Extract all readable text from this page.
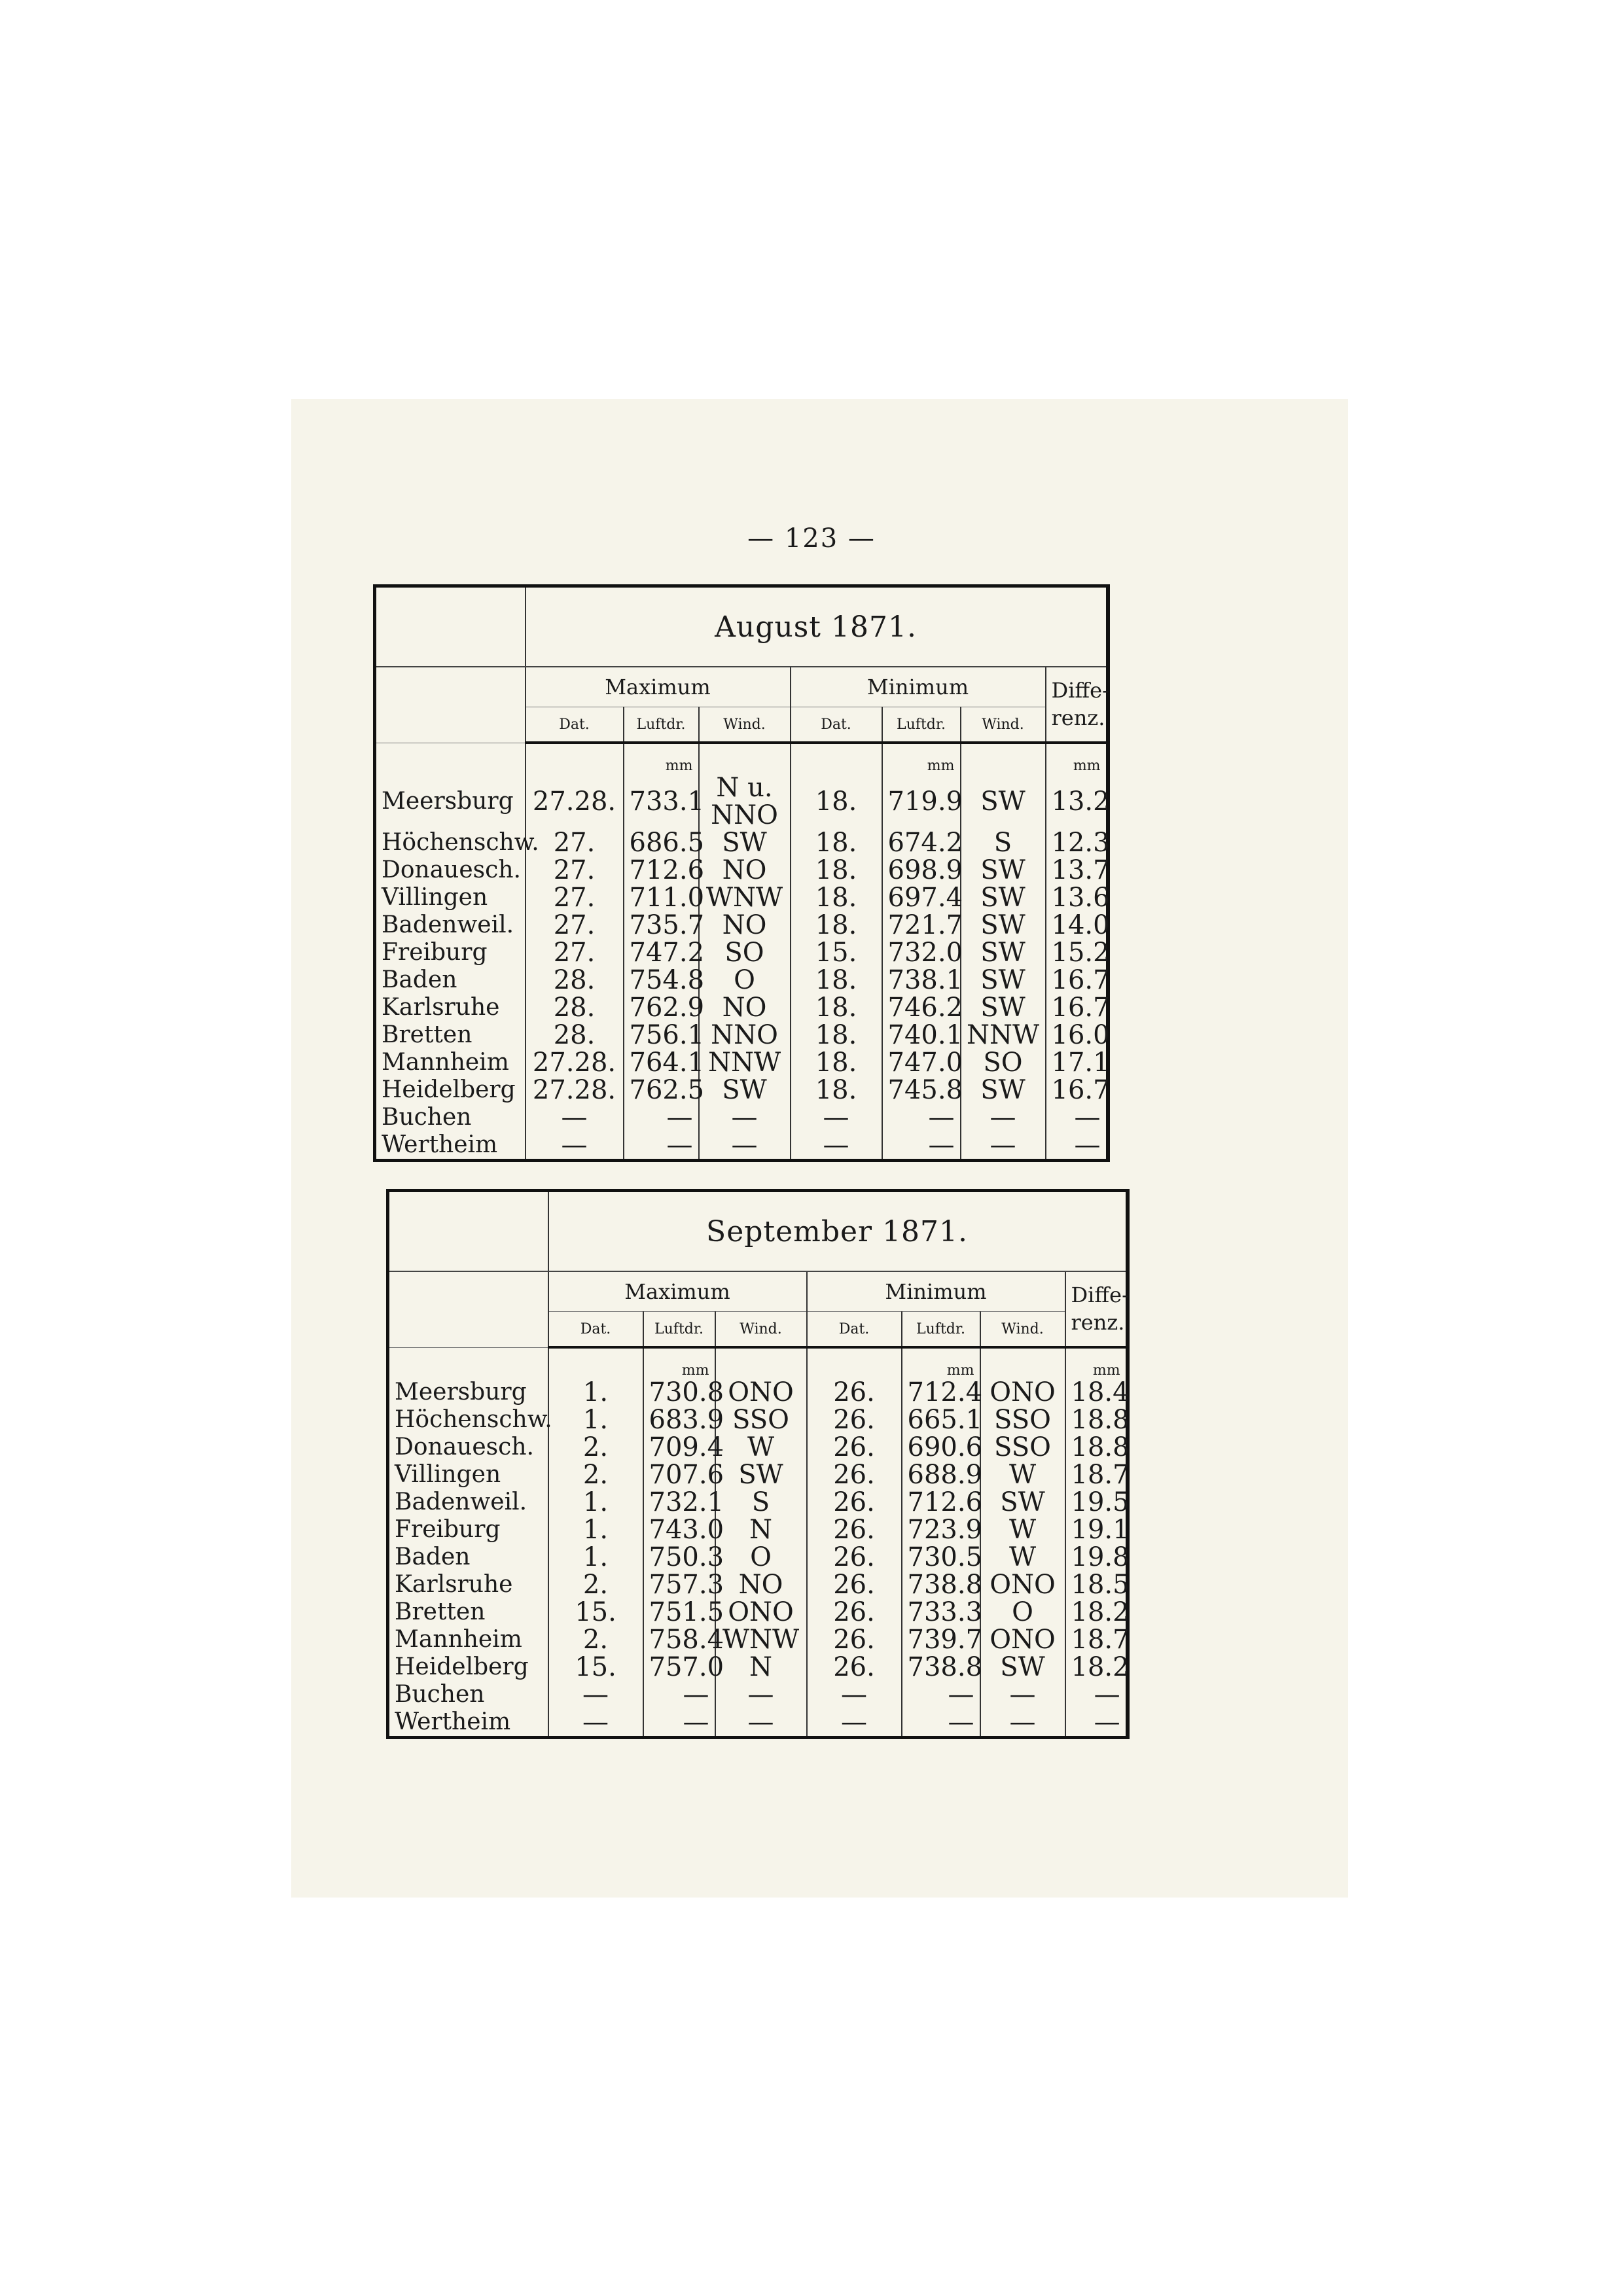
— 123 —
	August 1871.						
	Maximum			Minimum			Diffe-
renz.
	Dat.	Luftdr.	Wind.	Dat.	Luftdr.	Wind.	
		mm			mm		mm
Meersburg	27.28.	733.1	N u.
NNO	18.	719.9	SW	13.2
Höchenschw.	27.	686.5	SW	18.	674.2	S	12.3
Donauesch.	27.	712.6	NO	18.	698.9	SW	13.7
Villingen	27.	711.0	WNW	18.	697.4	SW	13.6
Badenweil.	27.	735.7	NO	18.	721.7	SW	14.0
Freiburg	27.	747.2	SO	15.	732.0	SW	15.2
Baden	28.	754.8	O	18.	738.1	SW	16.7
Karlsruhe	28.	762.9	NO	18.	746.2	SW	16.7
Bretten	28.	756.1	NNO	18.	740.1	NNW	16.0
Mannheim	27.28.	764.1	NNW	18.	747.0	SO	17.1
Heidelberg	27.28.	762.5	SW	18.	745.8	SW	16.7
Buchen	—	—	—	—	—	—	—
Wertheim	—	—	—	—	—	—	—
	September 1871.						
	Maximum			Minimum			Diffe-
renz.
	Dat.	Luftdr.	Wind.	Dat.	Luftdr.	Wind.	
		mm			mm		mm
Meersburg	1.	730.8	ONO	26.	712.4	ONO	18.4
Höchenschw.	1.	683.9	SSO	26.	665.1	SSO	18.8
Donauesch.	2.	709.4	W	26.	690.6	SSO	18.8
Villingen	2.	707.6	SW	26.	688.9	W	18.7
Badenweil.	1.	732.1	S	26.	712.6	SW	19.5
Freiburg	1.	743.0	N	26.	723.9	W	19.1
Baden	1.	750.3	O	26.	730.5	W	19.8
Karlsruhe	2.	757.3	NO	26.	738.8	ONO	18.5
Bretten	15.	751.5	ONO	26.	733.3	O	18.2
Mannheim	2.	758.4	WNW	26.	739.7	ONO	18.7
Heidelberg	15.	757.0	N	26.	738.8	SW	18.2
Buchen	—	—	—	—	—	—	—
Wertheim	—	—	—	—	—	—	—
